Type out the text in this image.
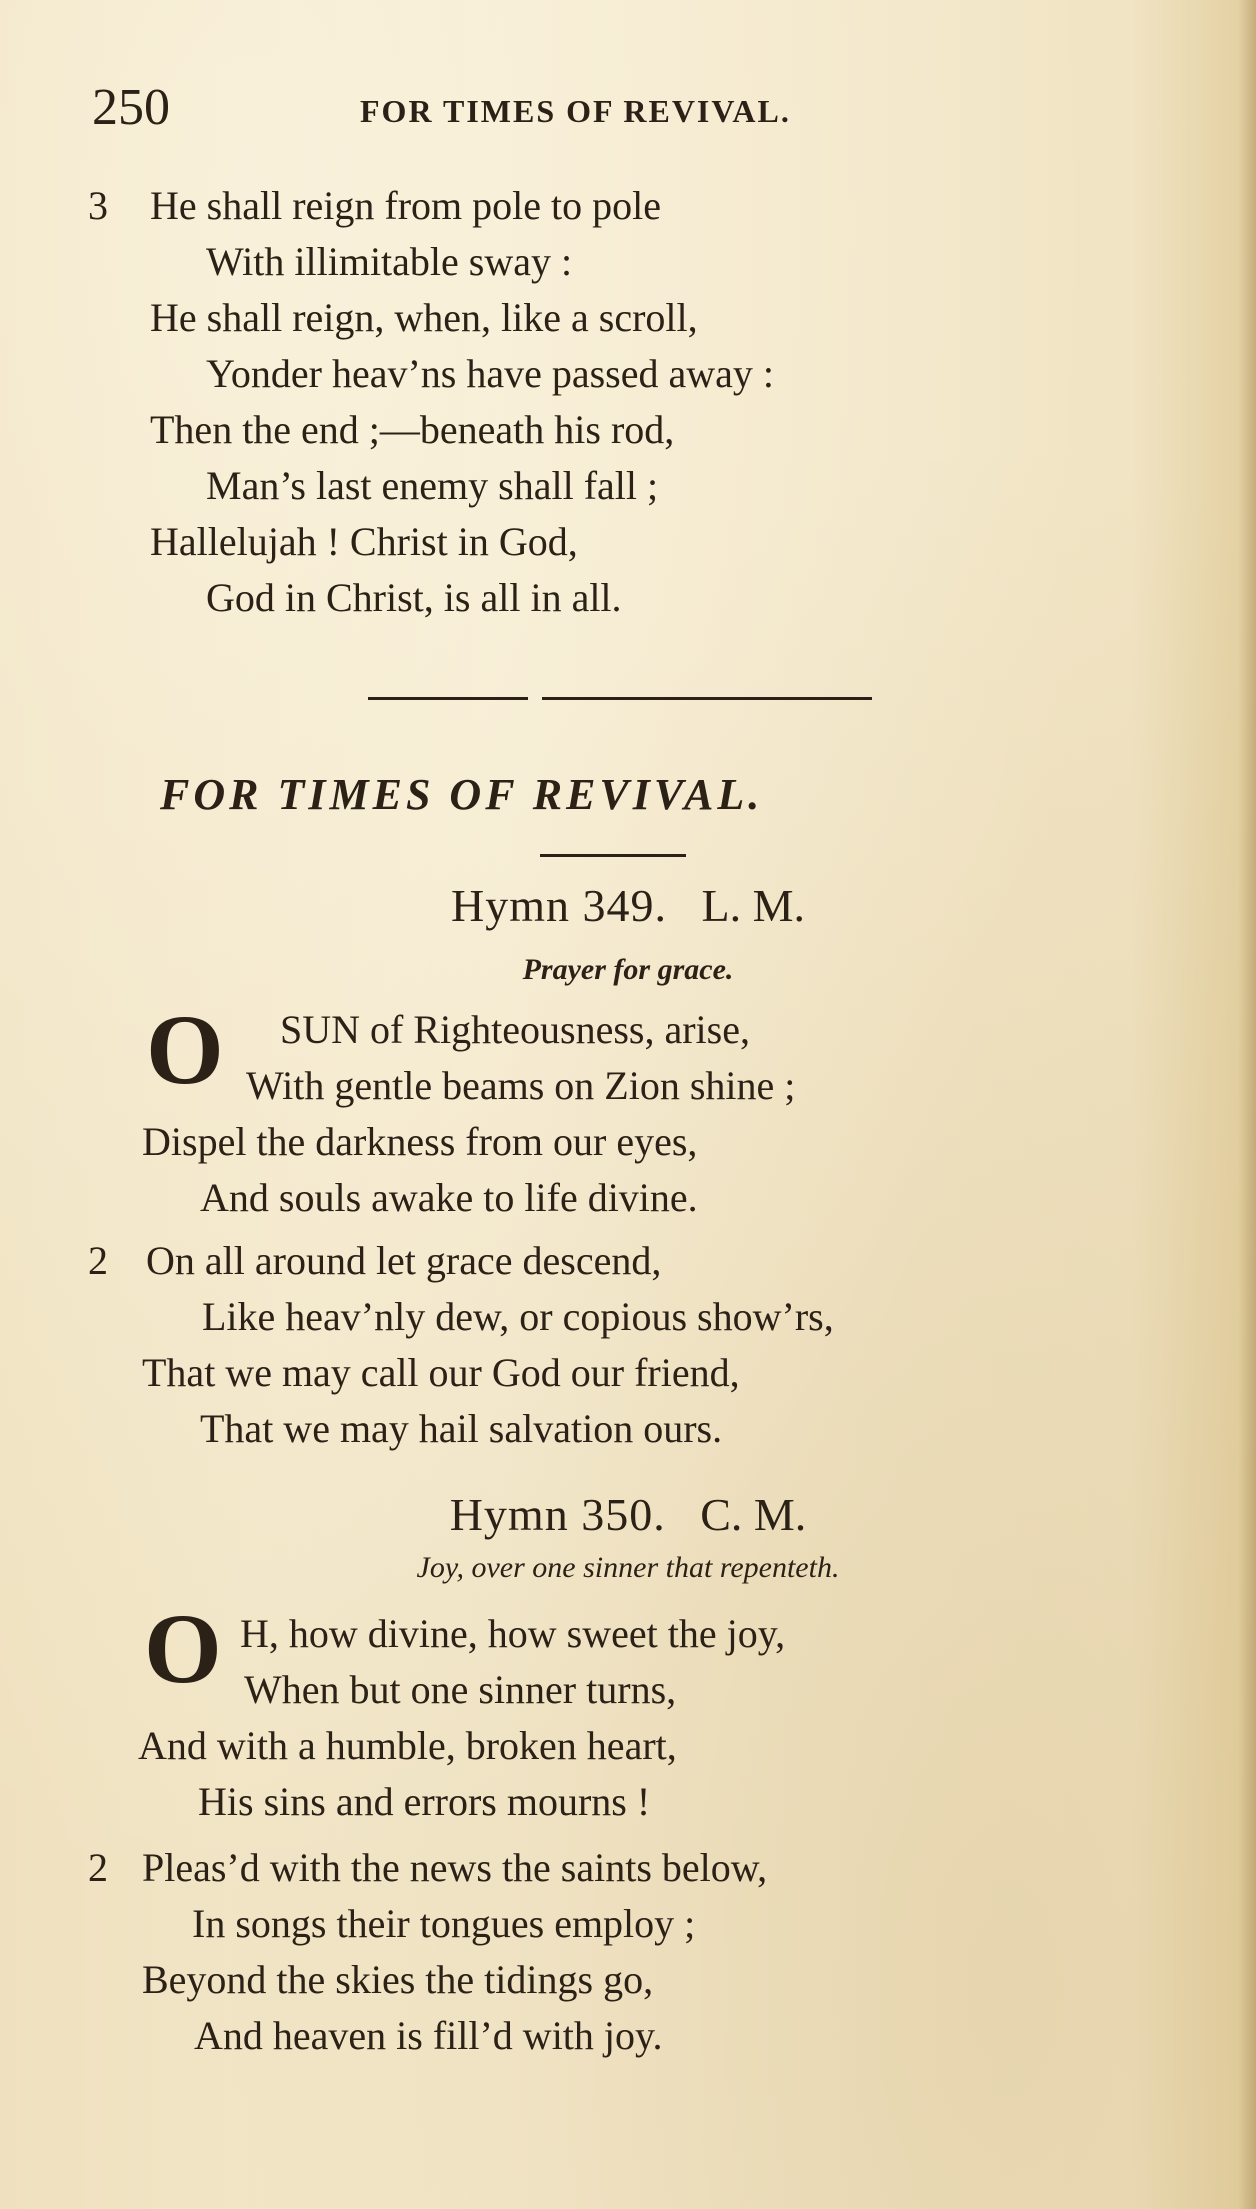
250	FOR TIMES OF REVIVAL.
3 He shall reign from pole to pole
With illimitable sway :
He shall reign, when, like a scroll,
Yonder heav’ns have passed away :
Then the end ;—beneath his rod,
Man’s last enemy shall fall ;
Hallelujah ! Christ in God,
God in Christ, is all in all.
FOR TIMES OF REVIVAL.
Hymn 349. L. M.
Prayer for grace.
O SUN of Righteousness, arise,
With gentle beams on Zion shine ;
Dispel the darkness from our eyes,
And souls awake to life divine.
2 On all around let grace descend,
Like heav’nly dew, or copious show’rs,
That we may call our God our friend,
That we may hail salvation ours.
Hymn 350. C. M.
Joy, over one sinner that repenteth.
O H, how divine, how sweet the joy,
When but one sinner turns,
And with a humble, broken heart,
His sins and errors mourns !
2 Pleas’d with the news the saints below,
In songs their tongues employ ;
Beyond the skies the tidings go,
And heaven is fill’d with joy.
